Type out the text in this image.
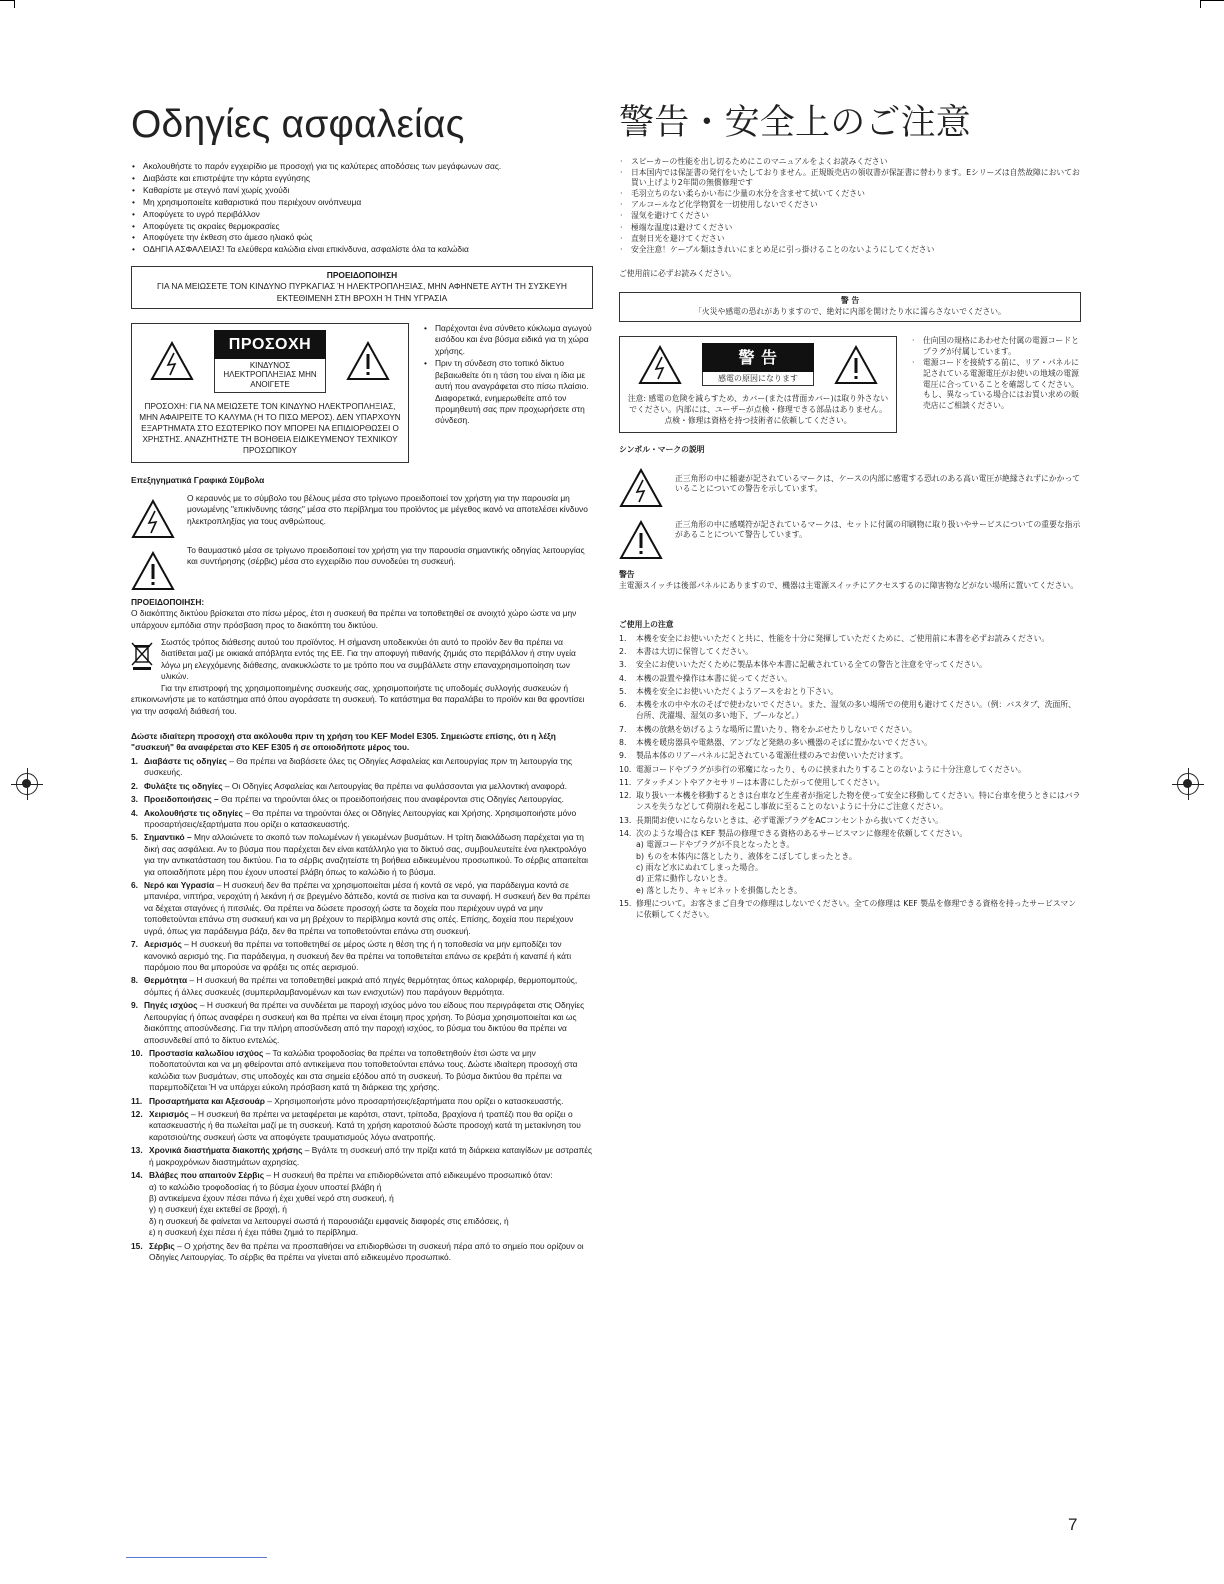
Οδηγίες ασφαλείας
• Ακολουθήστε το παρόν εγχειρίδιο με προσοχή για τις καλύτερες αποδόσεις των μεγάφωνων σας.
• Διαβάστε και επιστρέψτε την κάρτα εγγύησης
• Καθαρίστε με στεγνό πανί χωρίς χνούδι
• Μη χρησιμοποιείτε καθαριστικά που περιέχουν οινόπνευμα
• Αποφύγετε το υγρό περιβάλλον
• Αποφύγετε τις ακραίες θερμοκρασίες
• Αποφύγετε την έκθεση στο άμεσο ηλιακό φώς
• ΟΔΗΓΙΑ ΑΣΦΑΛΕΙΑΣ! Τα ελεύθερα καλώδια είναι επικίνδυνα, ασφαλίστε όλα τα καλώδια
ΠΡΟΕΙΔΟΠΟΙΗΣΗ
ΓΙΑ ΝΑ ΜΕΙΩΣΕΤΕ ΤΟΝ ΚΙΝΔΥΝΟ ΠΥΡΚΑΓΙΑΣ Ή ΗΛΕΚΤΡΟΠΛΗΞΙΑΣ, ΜΗΝ ΑΦΗΝΕΤΕ ΑΥΤΗ ΤΗ ΣΥΣΚΕΥΗ ΕΚΤΕΘΙΜΕΝΗ ΣΤΗ ΒΡΟΧΗ Ή ΤΗΝ ΥΓΡΑΣΙΑ
ΠΡΟΣΟΧΗ
ΚΙΝΔΥΝΟΣ ΗΛΕΚΤΡΟΠΛΗΞΙΑΣ ΜΗΝ ΑΝΟΙΓΕΤΕ
ΠΡΟΣΟΧΗ: ΓΙΑ ΝΑ ΜΕΙΩΣΕΤΕ ΤΟΝ ΚΙΝΔΥΝΟ ΗΛΕΚΤΡΟΠΛΗΞΙΑΣ, ΜΗΝ ΑΦΑΙΡΕΙΤΕ ΤΟ ΚΑΛΥΜΑ (Ή ΤΟ ΠΙΣΩ ΜΕΡΟΣ). ΔΕΝ ΥΠΑΡΧΟΥΝ ΕΞΑΡΤΗΜΑΤΑ ΣΤΟ ΕΣΩΤΕΡΙΚΟ ΠΟΥ ΜΠΟΡΕΙ ΝΑ ΕΠΙΔΙΟΡΘΩΣΕΙ Ο ΧΡΗΣΤΗΣ. ΑΝΑΖΗΤΗΣΤΕ ΤΗ ΒΟΗΘΕΙΑ ΕΙΔΙΚΕΥΜΕΝΟΥ ΤΕΧΝΙΚΟΥ ΠΡΟΣΩΠΙΚΟΥ
• Παρέχονται ένα σύνθετο κύκλωμα αγωγού εισόδου και ένα βύσμα ειδικά για τη χώρα χρήσης.
• Πριν τη σύνδεση στο τοπικό δίκτυο βεβαιωθείτε ότι η τάση του είναι η ίδια με αυτή που αναγράφεται στο πίσω πλαίσιο. Διαφορετικά, ενημερωθείτε από τον προμηθευτή σας πριν προχωρήσετε στη σύνδεση.
Επεξηγηματικά Γραφικά Σύμβολα

Ο κεραυνός με το σύμβολο του βέλους μέσα στο τρίγωνο προειδοποιεί τον χρήστη για την παρουσία μη μονωμένης "επικίνδυνης τάσης" μέσα στο περίβλημα του προϊόντος με μέγεθος ικανό να αποτελέσει κίνδυνο ηλεκτροπληξίας για τους ανθρώπους.

Το θαυμαστικό μέσα σε τρίγωνο προειδοποιεί τον χρήστη για την παρουσία σημαντικής οδηγίας λειτουργίας και συντήρησης (σέρβις) μέσα στο εγχειρίδιο που συνοδεύει τη συσκευή.

ΠΡΟΕΙΔΟΠΟΙΗΣΗ:

Ο διακόπτης δικτύου βρίσκεται στο πίσω μέρος, έτσι η συσκευή θα πρέπει να τοποθετηθεί σε ανοιχτό χώρο ώστε να μην υπάρχουν εμπόδια στην πρόσβαση προς το διακόπτη του δικτύου.

Σωστός τρόπος διάθεσης αυτού του προϊόντος. Η σήμανση υποδεικνύει ότι αυτό το προϊόν δεν θα πρέπει να διατίθεται μαζί με οικιακά απόβλητα εντός της ΕΕ. Για την αποφυγή πιθανής ζημιάς στο περιβάλλον ή στην υγεία λόγω μη ελεγχόμενης διάθεσης, ανακυκλώστε το με τρόπο που να συμβάλλετε στην επαναχρησιμοποίηση των υλικών.

Για την επιστροφή της χρησιμοποιημένης συσκευής σας, χρησιμοποιήστε τις υποδομές συλλογής συσκευών ή επικοινωνήστε με το κατάστημα από όπου αγοράσατε τη συσκευή. Το κατάστημα θα παραλάβει το προϊόν και θα φροντίσει για την ασφαλή διάθεσή του.

Δώστε ιδιαίτερη προσοχή στα ακόλουθα πριν τη χρήση του KEF Model E305. Σημειώστε επίσης, ότι η λέξη "συσκευή" θα αναφέρεται στο KEF E305 ή σε οποιοδήποτε μέρος του.

1. Διαβάστε τις οδηγίες – Θα πρέπει να διαβάσετε όλες τις Οδηγίες Ασφαλείας και Λειτουργίας πριν τη λειτουργία της συσκευής.
2. Φυλάξτε τις οδηγίες – Οι Οδηγίες Ασφαλείας και Λειτουργίας θα πρέπει να φυλάσσονται για μελλοντική αναφορά.
3. Προειδοποιήσεις – Θα πρέπει να τηρούνται όλες οι προειδοποιήσεις που αναφέρονται στις Οδηγίες Λειτουργίας.
4. Ακολουθήστε τις οδηγίες – Θα πρέπει να τηρούνται όλες οι Οδηγίες Λειτουργίας και Χρήσης. Χρησιμοποιήστε μόνο προσαρτήσεις/εξαρτήματα που ορίζει ο κατασκευαστής.
5. Σημαντικό – Μην αλλοιώνετε το σκοπό των πολωμένων ή γειωμένων βυσμάτων. Η τρίτη διακλάδωση παρέχεται για τη δική σας ασφάλεια. Αν το βύσμα που παρέχεται δεν είναι κατάλληλο για το δίκτυό σας, συμβουλευτείτε ένα ηλεκτρολόγο για την αντικατάσταση του δικτύου. Για το σέρβις αναζητείστε τη βοήθεια ειδικευμένου προσωπικού. Το σέρβις απαιτείται για οποιαδήποτε μέρη που έχουν υποστεί βλάβη όπως το καλώδιο ή το βύσμα.
6. Νερό και Υγρασία – Η συσκευή δεν θα πρέπει να χρησιμοποιείται μέσα ή κοντά σε νερό, για παράδειγμα κοντά σε μπανιέρα, νιπτήρα, νεροχύτη ή λεκάνη ή σε βρεγμένο δάπεδο, κοντά σε πισίνα και τα συναφή. Η συσκευή δεν θα πρέπει να δέχεται σταγόνες ή πιτσιλιές. Θα πρέπει να δώσετε προσοχή ώστε τα δοχεία που περιέχουν υγρά να μην τοποθετούνται επάνω στη συσκευή και να μη βρέχουν το περίβλημα κοντά στις οπές. Επίσης, δοχεία που περιέχουν υγρά, όπως για παράδειγμα βάζα, δεν θα πρέπει να τοποθετούνται επάνω στη συσκευή.
7. Αερισμός – Η συσκευή θα πρέπει να τοποθετηθεί σε μέρος ώστε η θέση της ή η τοποθεσία να μην εμποδίζει τον κανονικό αερισμό της. Για παράδειγμα, η συσκευή δεν θα πρέπει να τοποθετείται επάνω σε κρεβάτι ή καναπέ ή κάτι παρόμοιο που θα μπορούσε να φράξει τις οπές αερισμού.
8. Θερμότητα – Η συσκευή θα πρέπει να τοποθετηθεί μακριά από πηγές θερμότητας όπως καλοριφέρ, θερμοπομπούς, σόμπες ή άλλες συσκευές (συμπεριλαμβανομένων και των ενισχυτών) που παράγουν θερμότητα.
9. Πηγές ισχύος – Η συσκευή θα πρέπει να συνδέεται με παροχή ισχύος μόνο του είδους που περιγράφεται στις Οδηγίες Λειτουργίας ή όπως αναφέρει η συσκευή και θα πρέπει να είναι έτοιμη προς χρήση. Το βύσμα χρησιμοποιείται και ως διακόπτης αποσύνδεσης. Για την πλήρη αποσύνδεση από την παροχή ισχύος, το βύσμα του δικτύου θα πρέπει να αποσυνδεθεί από το δίκτυο εντελώς.
10. Προστασία καλωδίου ισχύος – Τα καλώδια τροφοδοσίας θα πρέπει να τοποθετηθούν έτσι ώστε να μην ποδοπατούνται και να μη φθείρονται από αντικείμενα που τοποθετούνται επάνω τους. Δώστε ιδιαίτερη προσοχή στα καλώδια των βυσμάτων, στις υποδοχές και στα σημεία εξόδου από τη συσκευή. Το βύσμα δικτύου θα πρέπει να παρεμποδίζεται Ή να υπάρχει εύκολη πρόσβαση κατά τη διάρκεια της χρήσης.
11. Προσαρτήματα και Αξεσουάρ – Χρησιμοποιήστε μόνο προσαρτήσεις/εξαρτήματα που ορίζει ο κατασκευαστής.
12. Χειρισμός – Η συσκευή θα πρέπει να μεταφέρεται με καρότσι, σταντ, τρίποδα, βραχίονα ή τραπέζι που θα ορίζει ο κατασκευαστής ή θα πωλείται μαζί με τη συσκευή. Κατά τη χρήση καροτσιού δώστε προσοχή κατά τη μετακίνηση του καροτσιού/της συσκευή ώστε να αποφύγετε τραυματισμούς λόγω ανατροπής.
13. Χρονικά διαστήματα διακοπής χρήσης – Βγάλτε τη συσκευή από την πρίζα κατά τη διάρκεια καταιγίδων με αστραπές ή μακροχρόνιων διαστημάτων αχρησίας.
14. Βλάβες που απαιτούν Σέρβις – Η συσκευή θα πρέπει να επιδιορθώνεται από ειδικευμένο προσωπικό όταν:
α) το καλώδιο τροφοδοσίας ή το βύσμα έχουν υποστεί βλάβη ή
β) αντικείμενα έχουν πέσει πάνω ή έχει χυθεί νερό στη συσκευή, ή
γ) η συσκευή έχει εκτεθεί σε βροχή, ή
δ) η συσκευή δε φαίνεται να λειτουργεί σωστά ή παρουσιάζει εμφανείς διαφορές στις επιδόσεις, ή
ε) η συσκευή έχει πέσει ή έχει πάθει ζημιά το περίβλημα.
15. Σέρβις – Ο χρήστης δεν θα πρέπει να προσπαθήσει να επιδιορθώσει τη συσκευή πέρα από το σημείο που ορίζουν οι Οδηγίες Λειτουργίας. Το σέρβις θα πρέπει να γίνεται από ειδικευμένο προσωπικό.
警告・安全上のご注意
· スピーカーの性能を出し切るためにこのマニュアルをよくお読みください
· 日本国内では保証書の発行をいたしておりません。正規販売店の領収書が保証書に替わります。Eシリーズは自然故障においてお買い上げより2年間の無償修理です
· 毛羽立ちのない柔らかい布に少量の水分を含ませて拭いてください
· アルコールなど化学物質を一切使用しないでください
· 湿気を避けてください
· 極端な温度は避けてください
· 直射日光を避けてください
· 安全注意！ケーブル類はきれいにまとめ足に引っ掛けることのないようにしてください

ご使用前に必ずお読みください。

警 告
「火災や感電の恐れがありますので、絶対に内部を開けたり水に濡らさないでください。
警 告
感電の原因になります
注意: 感電の危険を減らすため、カバー(または背面カバー)は取り外さないでください。内部には、ユーザーが点検・修理できる部品はありません。点検・修理は資格を持つ技術者に依頼してください。
· 仕向国の規格にあわせた付属の電源コードとプラグが付属しています。
· 電源コードを接続する前に、リア・パネルに記されている電源電圧がお使いの地域の電源電圧に合っていることを確認してください。もし、異なっている場合にはお買い求めの販売店にご相談ください。
シンボル・マークの説明

正三角形の中に稲妻が記されているマークは、ケースの内部に感電する恐れのある高い電圧が絶縁されずにかかっていることについての警告を示しています。

正三角形の中に感嘆符が記されているマークは、セットに付属の印刷物に取り扱いやサービスについての重要な指示があることについて警告しています。

警告

主電源スイッチは後部パネルにありますので、機器は主電源スイッチにアクセスするのに障害物などがない場所に置いてください。

ご使用上の注意
1. 本機を安全にお使いいただくと共に、性能を十分に発揮していただくために、ご使用前に本書を必ずお読みください。
2. 本書は大切に保管してください。
3. 安全にお使いいただくために製品本体や本書に記載されている全ての警告と注意を守ってください。
4. 本機の設置や操作は本書に従ってください。
5. 本機を安全にお使いいただくようアースをおとり下さい。
6. 本機を水の中や水のそばで使わないでください。また、湿気の多い場所での使用も避けてください。（例：バスタブ、洗面所、台所、洗濯場、湿気の多い地下、プールなど。）
7. 本機の放熱を妨げるような場所に置いたり、物をかぶせたりしないでください。
8. 本機を暖房器具や電熱器、アンプなど発熱の多い機器のそばに置かないでください。
9. 製品本体のリアーパネルに記されている電源仕様のみでお使いいただけます。
10. 電源コードやプラグが歩行の邪魔になったり、ものに挟まれたりすることのないように十分注意してください。
11. アタッチメントやアクセサリーは本書にしたがって使用してください。
12. 取り扱い一本機を移動するときは台車など生産者が指定した物を使って安全に移動してください。特に台車を使うときにはバランスを失うなどして荷崩れを起こし事故に至ることのないように十分にご注意ください。
13. 長期間お使いにならないときは、必ず電源プラグをACコンセントから抜いてください。
14. 次のような場合は KEF 製品の修理できる資格のあるサービスマンに修理を依頼してください。
a) 電源コードやプラグが不良となったとき。
b) ものを本体内に落としたり、液体をこぼしてしまったとき。
c) 雨など水にぬれてしまった場合。
d) 正常に動作しないとき。
e) 落としたり、キャビネットを損傷したとき。
15. 修理について。お客さまご自身での修理はしないでください。全ての修理は KEF 製品を修理できる資格を持ったサービスマンに依頼してください。
7
